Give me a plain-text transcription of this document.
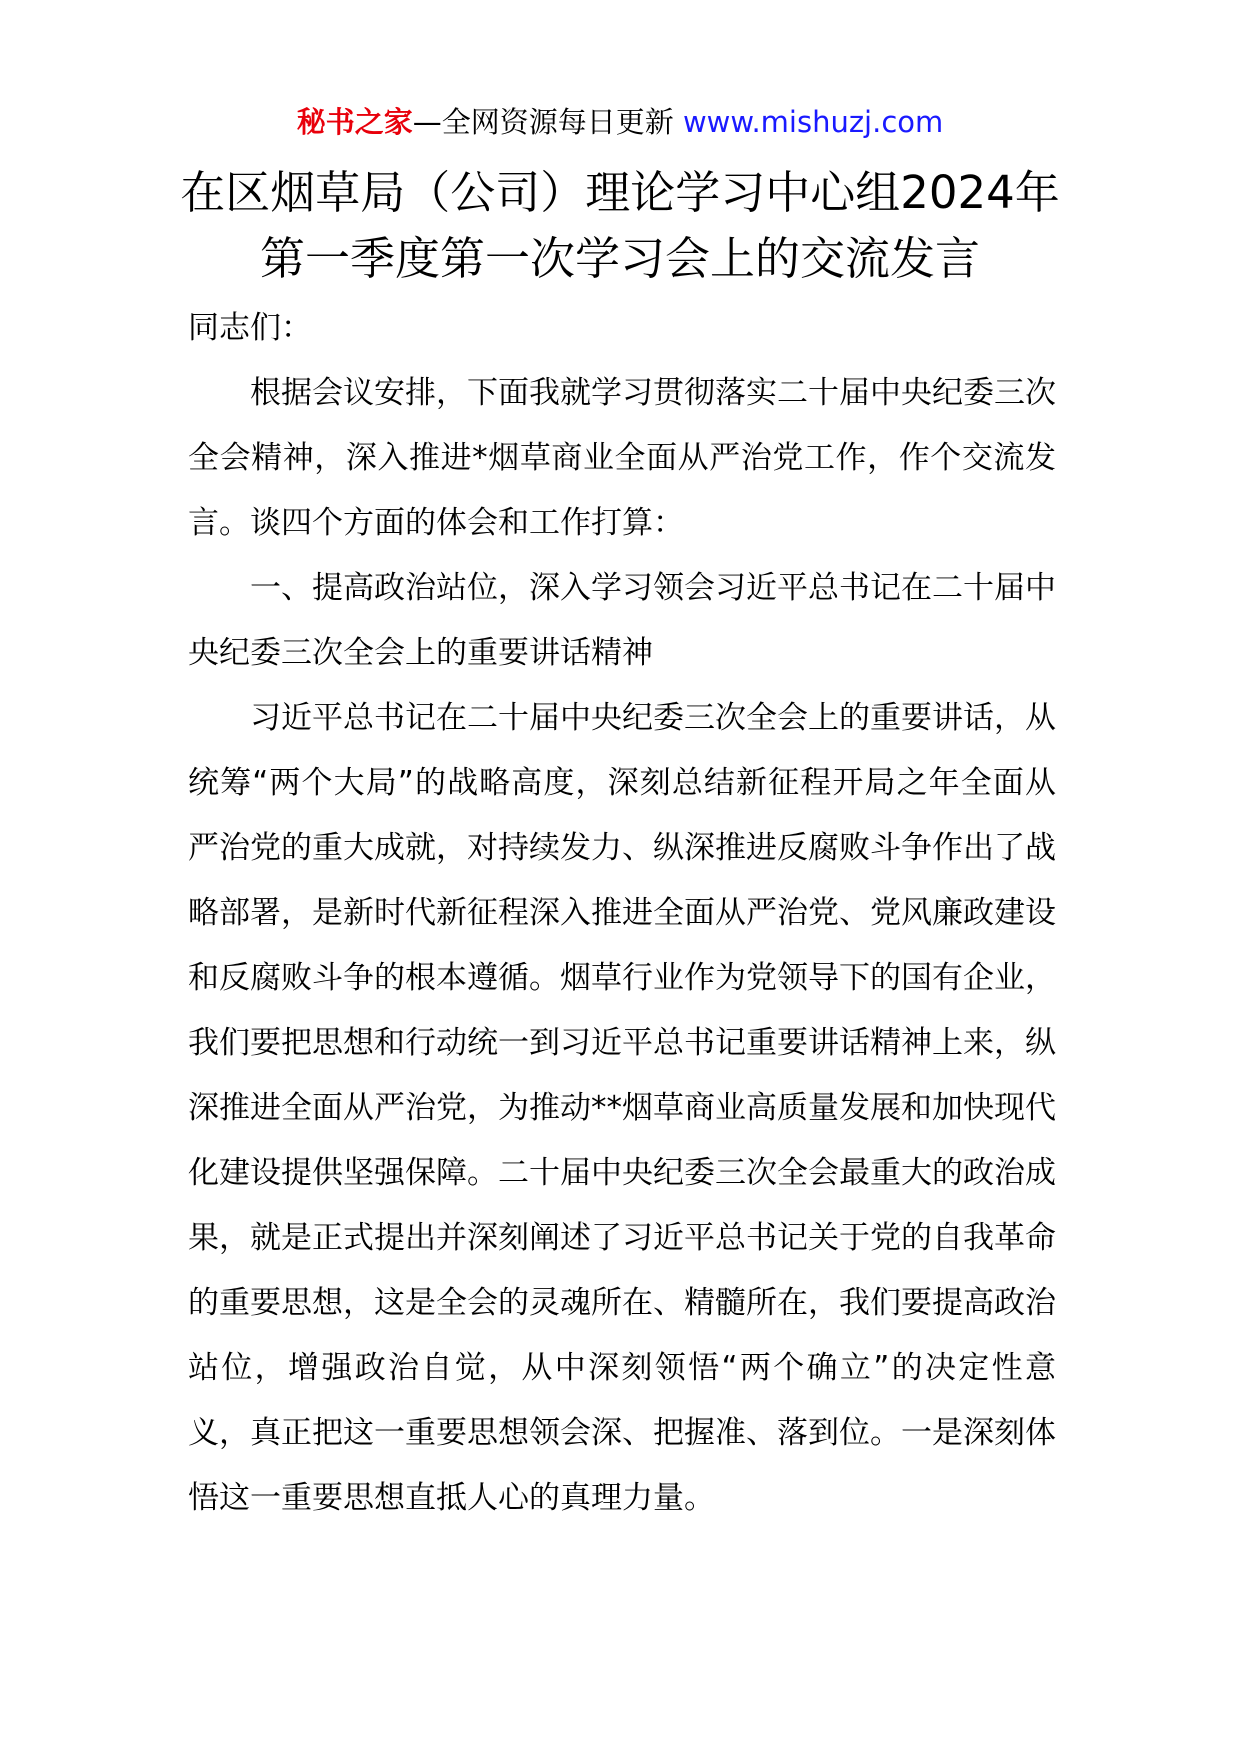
秘书之家—全网资源每日更新 www.mishuzj.com
在区烟草局（公司）理论学习中心组2024年第一季度第一次学习会上的交流发言

同志们：

根据会议安排，下面我就学习贯彻落实二十届中央纪委三次全会精神，深入推进*烟草商业全面从严治党工作，作个交流发言。谈四个方面的体会和工作打算：

一、提高政治站位，深入学习领会习近平总书记在二十届中央纪委三次全会上的重要讲话精神

习近平总书记在二十届中央纪委三次全会上的重要讲话，从统筹“两个大局”的战略高度，深刻总结新征程开局之年全面从严治党的重大成就，对持续发力、纵深推进反腐败斗争作出了战略部署，是新时代新征程深入推进全面从严治党、党风廉政建设和反腐败斗争的根本遵循。烟草行业作为党领导下的国有企业，我们要把思想和行动统一到习近平总书记重要讲话精神上来，纵深推进全面从严治党，为推动**烟草商业高质量发展和加快现代化建设提供坚强保障。二十届中央纪委三次全会最重大的政治成果，就是正式提出并深刻阐述了习近平总书记关于党的自我革命的重要思想，这是全会的灵魂所在、精髓所在，我们要提高政治站位，增强政治自觉，从中深刻领悟“两个确立”的决定性意义，真正把这一重要思想领会深、把握准、落到位。一是深刻体悟这一重要思想直抵人心的真理力量。
